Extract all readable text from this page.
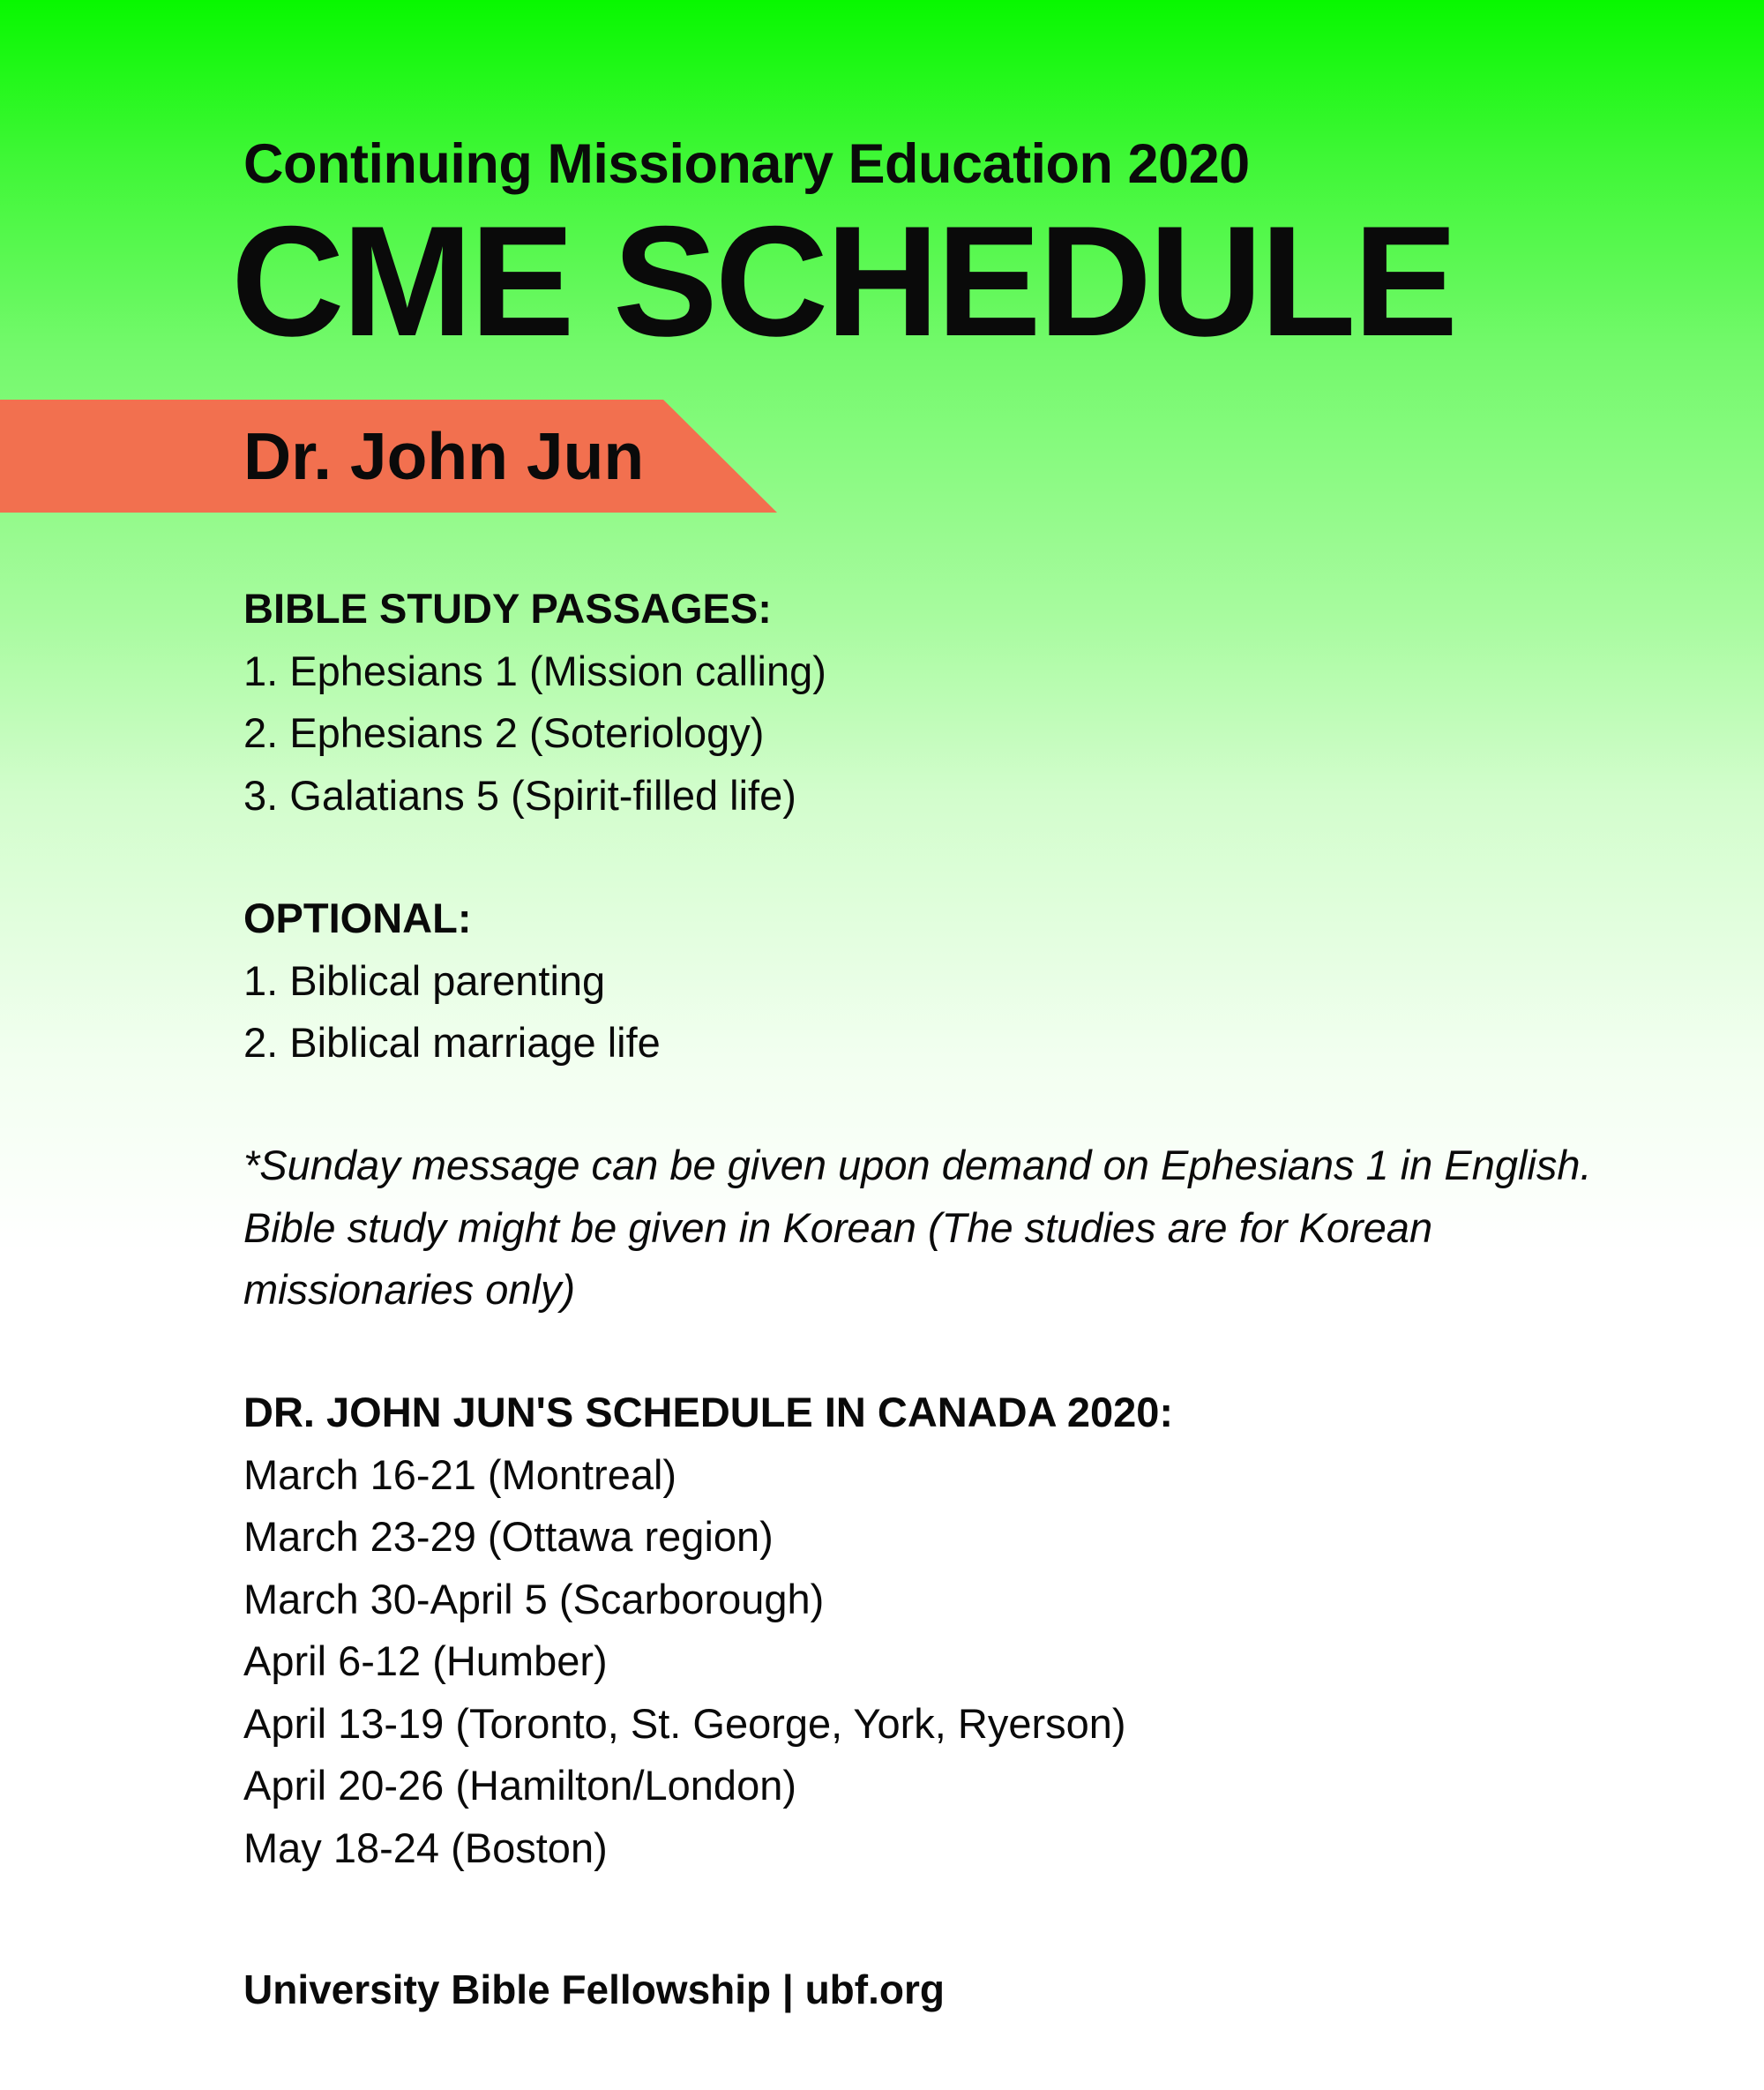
Continuing Missionary Education 2020
CME SCHEDULE
Dr. John Jun
BIBLE STUDY PASSAGES:
1. Ephesians 1 (Mission calling)
2. Ephesians 2 (Soteriology)
3. Galatians 5 (Spirit-filled life)
OPTIONAL:
1. Biblical parenting
2. Biblical marriage life
*Sunday message can be given upon demand on Ephesians 1 in English.
Bible study might be given in Korean (The studies are for Korean
missionaries only)
DR. JOHN JUN'S SCHEDULE IN CANADA 2020:
March 16-21 (Montreal)
March 23-29 (Ottawa region)
March 30-April 5 (Scarborough)
April 6-12 (Humber)
April 13-19 (Toronto, St. George, York, Ryerson)
April 20-26 (Hamilton/London)
May 18-24 (Boston)
University Bible Fellowship | ubf.org
